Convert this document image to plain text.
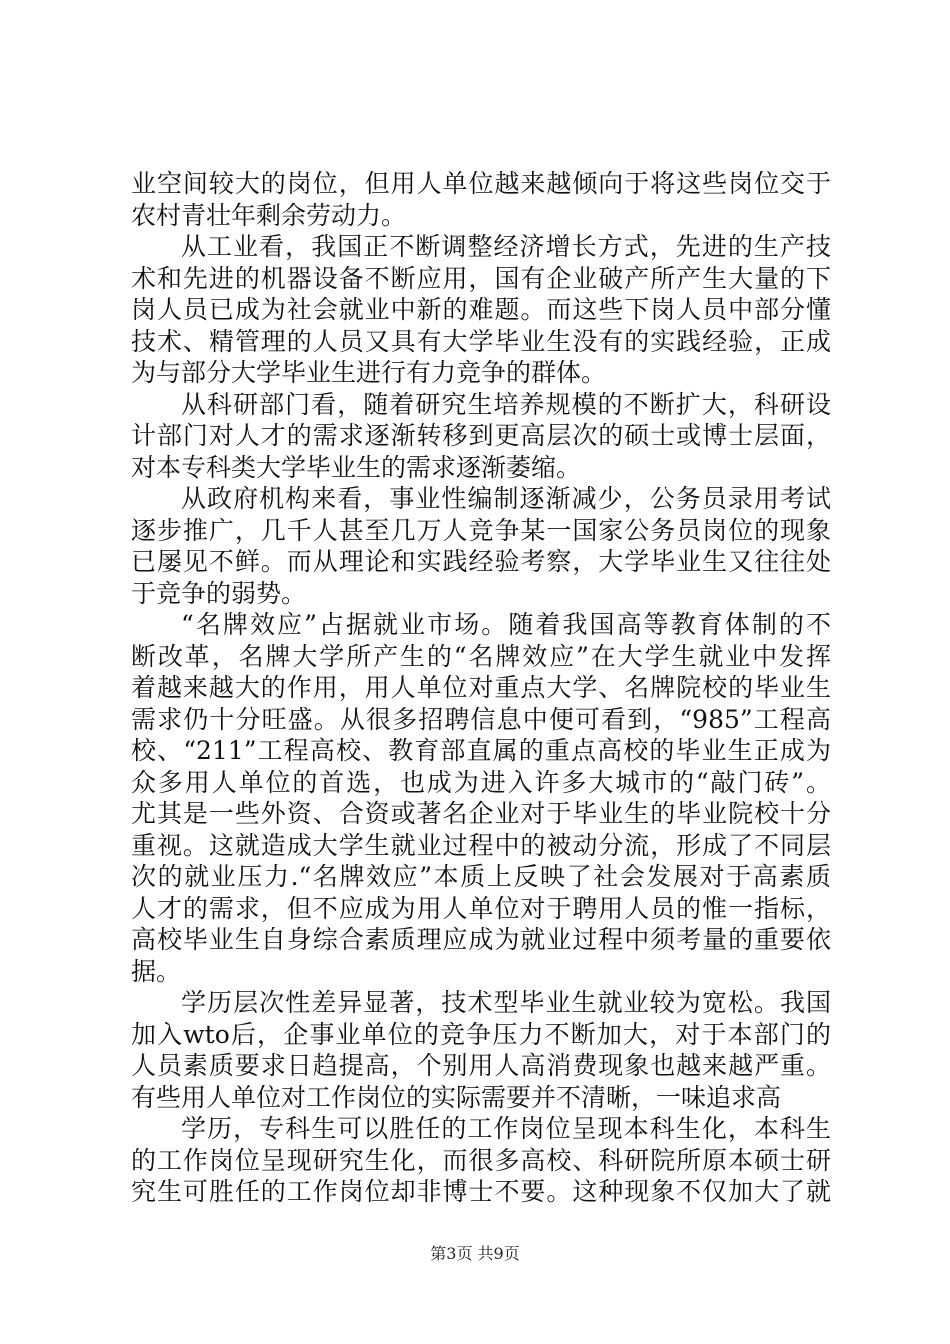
业空间较大的岗位，但用人单位越来越倾向于将这些岗位交于
农村青壮年剩余劳动力。
从工业看，我国正不断调整经济增长方式，先进的生产技
术和先进的机器设备不断应用，国有企业破产所产生大量的下
岗人员已成为社会就业中新的难题。而这些下岗人员中部分懂
技术、精管理的人员又具有大学毕业生没有的实践经验，正成
为与部分大学毕业生进行有力竞争的群体。
从科研部门看，随着研究生培养规模的不断扩大，科研设
计部门对人才的需求逐渐转移到更高层次的硕士或博士层面，
对本专科类大学毕业生的需求逐渐萎缩。
从政府机构来看，事业性编制逐渐减少，公务员录用考试
逐步推广，几千人甚至几万人竞争某一国家公务员岗位的现象
已屡见不鲜。而从理论和实践经验考察，大学毕业生又往往处
于竞争的弱势。
“名牌效应”占据就业市场。随着我国高等教育体制的不
断改革，名牌大学所产生的“名牌效应”在大学生就业中发挥
着越来越大的作用，用人单位对重点大学、名牌院校的毕业生
需求仍十分旺盛。从很多招聘信息中便可看到，“985”工程高
校、“211”工程高校、教育部直属的重点高校的毕业生正成为
众多用人单位的首选，也成为进入许多大城市的“敲门砖”。
尤其是一些外资、合资或著名企业对于毕业生的毕业院校十分
重视。这就造成大学生就业过程中的被动分流，形成了不同层
次的就业压力.“名牌效应”本质上反映了社会发展对于高素质
人才的需求，但不应成为用人单位对于聘用人员的惟一指标，
高校毕业生自身综合素质理应成为就业过程中须考量的重要依
据。
学历层次性差异显著，技术型毕业生就业较为宽松。我国
加入wto后，企事业单位的竞争压力不断加大，对于本部门的
人员素质要求日趋提高，个别用人高消费现象也越来越严重。
有些用人单位对工作岗位的实际需要并不清晰，一味追求高
学历，专科生可以胜任的工作岗位呈现本科生化，本科生
的工作岗位呈现研究生化，而很多高校、科研院所原本硕士研
究生可胜任的工作岗位却非博士不要。这种现象不仅加大了就
第3页 共9页
